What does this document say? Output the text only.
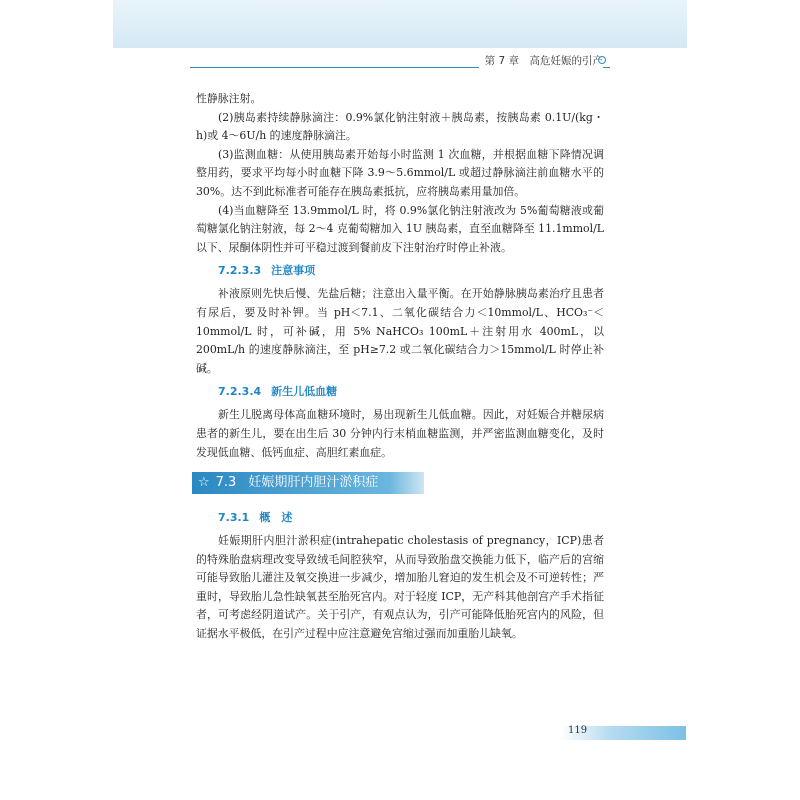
第 7 章　高危妊娠的引产

性静脉注射。

(2)胰岛素持续静脉滴注：0.9%氯化钠注射液＋胰岛素，按胰岛素 0.1U/(kg・h)或 4～6U/h 的速度静脉滴注。

(3)监测血糖：从使用胰岛素开始每小时监测 1 次血糖，并根据血糖下降情况调整用药，要求平均每小时血糖下降 3.9～5.6mmol/L 或超过静脉滴注前血糖水平的 30%。达不到此标准者可能存在胰岛素抵抗，应将胰岛素用量加倍。

(4)当血糖降至 13.9mmol/L 时，将 0.9%氯化钠注射液改为 5%葡萄糖液或葡萄糖氯化钠注射液，每 2～4 克葡萄糖加入 1U 胰岛素，直至血糖降至 11.1mmol/L 以下、尿酮体阴性并可平稳过渡到餐前皮下注射治疗时停止补液。

7.2.3.3 注意事项

补液原则先快后慢、先盐后糖；注意出入量平衡。在开始静脉胰岛素治疗且患者有尿后，要及时补钾。当 pH＜7.1、二氧化碳结合力＜10mmol/L、HCO₃⁻＜10mmol/L 时，可补碱，用 5% NaHCO₃ 100mL＋注射用水 400mL，以 200mL/h 的速度静脉滴注，至 pH≥7.2 或二氧化碳结合力＞15mmol/L 时停止补碱。

7.2.3.4 新生儿低血糖

新生儿脱离母体高血糖环境时，易出现新生儿低血糖。因此，对妊娠合并糖尿病患者的新生儿，要在出生后 30 分钟内行末梢血糖监测，并严密监测血糖变化，及时发现低血糖、低钙血症、高胆红素血症。

☆ 7.3 妊娠期肝内胆汁淤积症
7.3.1 概　述

妊娠期肝内胆汁淤积症(intrahepatic cholestasis of pregnancy，ICP)患者的特殊胎盘病理改变导致绒毛间腔狭窄，从而导致胎盘交换能力低下，临产后的宫缩可能导致胎儿灌注及氧交换进一步减少，增加胎儿窘迫的发生机会及不可逆转性；严重时，导致胎儿急性缺氧甚至胎死宫内。对于轻度 ICP，无产科其他剖宫产手术指征者，可考虑经阴道试产。关于引产，有观点认为，引产可能降低胎死宫内的风险，但证据水平极低，在引产过程中应注意避免宫缩过强而加重胎儿缺氧。

119
